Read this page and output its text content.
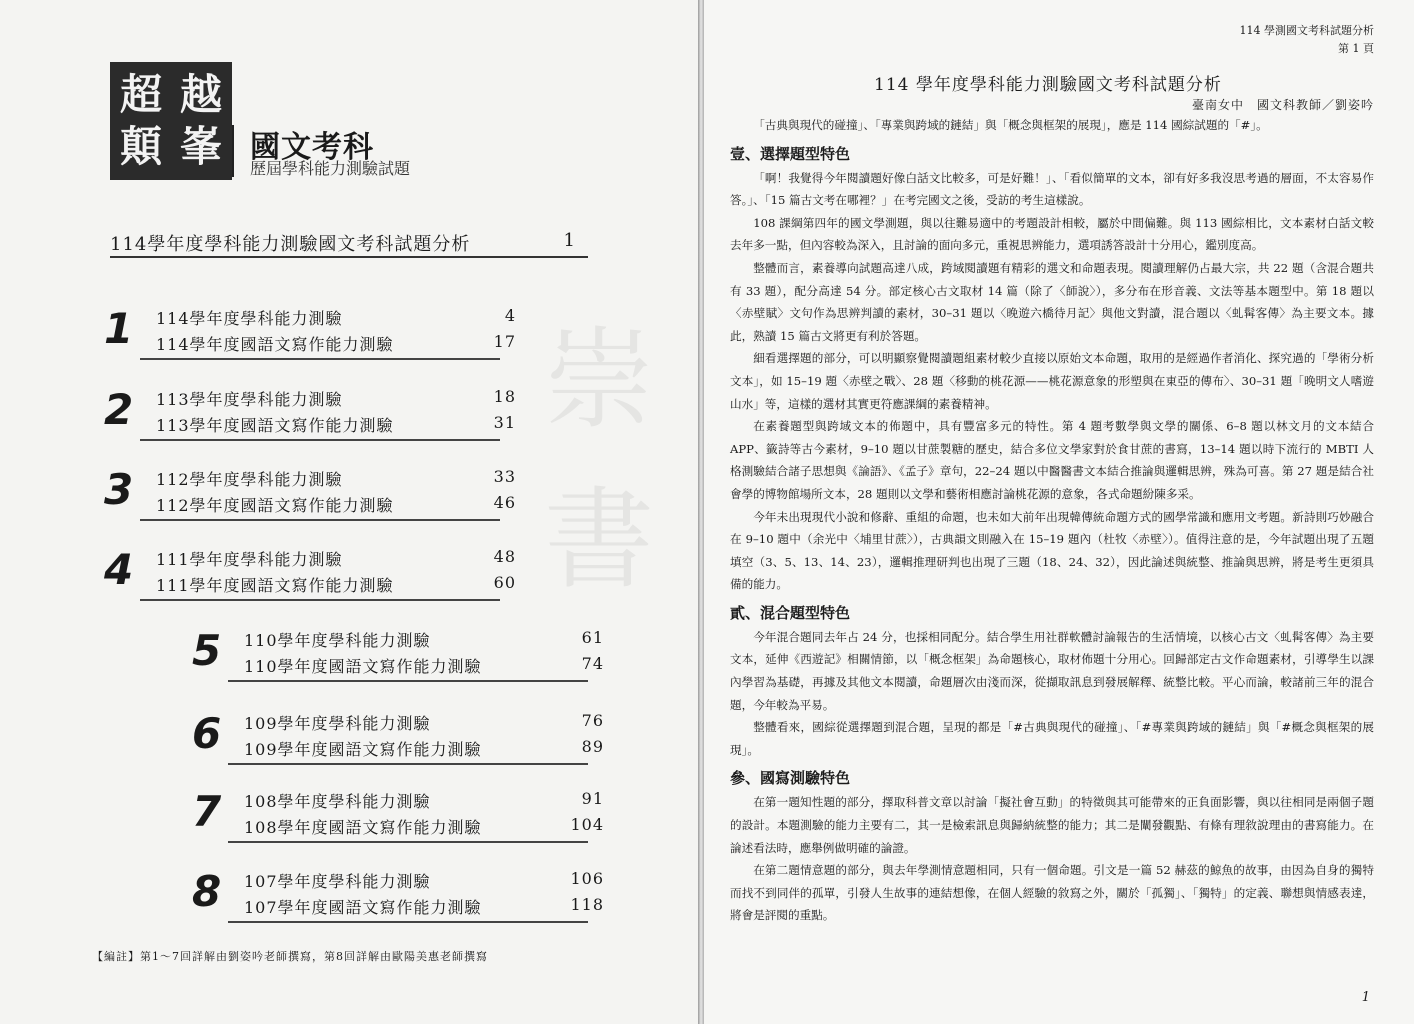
超 越
顛 峯 國文考科
歷屆學科能力測驗試題
114學年度學科能力測驗國文考科試題分析	1
1 114學年度學科能力測驗	4
114學年度國語文寫作能力測驗	17
2 113學年度學科能力測驗	18
113學年度國語文寫作能力測驗	31
3 112學年度學科能力測驗	33
112學年度國語文寫作能力測驗	46
4 111學年度學科能力測驗	48
111學年度國語文寫作能力測驗	60
5 110學年度學科能力測驗	61
110學年度國語文寫作能力測驗	74
6 109學年度學科能力測驗	76
109學年度國語文寫作能力測驗	89
7 108學年度學科能力測驗	91
108學年度國語文寫作能力測驗	104
8 107學年度學科能力測驗	106
107學年度國語文寫作能力測驗	118
【編註】第1～7回詳解由劉姿吟老師撰寫，第8回詳解由歐陽美惠老師撰寫
崇
書
114 學測國文考科試題分析
第 1 頁
114 學年度學科能力測驗國文考科試題分析
臺南女中　國文科教師／劉姿吟

「古典與現代的碰撞」、「專業與跨域的鏈結」與「概念與框架的展現」，應是 114 國綜試題的「#」。

壹、選擇題型特色

「啊！我覺得今年閱讀題好像白話文比較多，可是好難！」、「看似簡單的文本，卻有好多我沒思考過的層面，不太容易作答。」、「15 篇古文考在哪裡？」在考完國文之後，受訪的考生這樣說。

108 課綱第四年的國文學測題，與以往難易適中的考題設計相較，屬於中間偏難。與 113 國綜相比，文本素材白話文較去年多一點，但內容較為深入，且討論的面向多元，重視思辨能力，選項誘答設計十分用心，鑑別度高。

整體而言，素養導向試題高達八成，跨域閱讀題有精彩的選文和命題表現。閱讀理解仍占最大宗，共 22 題（含混合題共有 33 題），配分高達 54 分。部定核心古文取材 14 篇（除了〈師說〉），多分布在形音義、文法等基本題型中。第 18 題以〈赤壁賦〉文句作為思辨判讀的素材，30–31 題以〈晚遊六橋待月記〉與他文對讀，混合題以〈虬髯客傳〉為主要文本。據此，熟讀 15 篇古文將更有利於答題。

細看選擇題的部分，可以明顯察覺閱讀題組素材較少直接以原始文本命題，取用的是經過作者消化、探究過的「學術分析文本」，如 15–19 題〈赤壁之戰〉、28 題〈移動的桃花源——桃花源意象的形塑與在東亞的傳布〉、30–31 題「晚明文人嗜遊山水」等，這樣的選材其實更符應課綱的素養精神。

在素養題型與跨域文本的佈題中，具有豐富多元的特性。第 4 題考數學與文學的關係、6–8 題以林文月的文本結合 APP、籤詩等古今素材，9–10 題以甘蔗製糖的歷史，結合多位文學家對於食甘蔗的書寫，13–14 題以時下流行的 MBTI 人格測驗結合諸子思想與《論語》、《孟子》章句，22–24 題以中醫醫書文本結合推論與邏輯思辨，殊為可喜。第 27 題是結合社會學的博物館場所文本，28 題則以文學和藝術相應討論桃花源的意象，各式命題紛陳多采。

今年未出現現代小說和修辭、重組的命題，也未如大前年出現韓傳統命題方式的國學常識和應用文考題。新詩則巧妙融合在 9–10 題中（余光中〈埔里甘蔗〉），古典韻文則融入在 15–19 題內（杜牧〈赤壁〉）。值得注意的是，今年試題出現了五題填空（3、5、13、14、23），邏輯推理研判也出現了三題（18、24、32），因此論述與統整、推論與思辨，將是考生更須具備的能力。

貳、混合題型特色

今年混合題同去年占 24 分，也採相同配分。結合學生用社群軟體討論報告的生活情境，以核心古文〈虬髯客傳〉為主要文本，延伸《西遊記》相關情節，以「概念框架」為命題核心，取材佈題十分用心。回歸部定古文作命題素材，引導學生以課內學習為基礎，再據及其他文本閱讀，命題層次由淺而深，從擷取訊息到發展解釋、統整比較。平心而論，較諸前三年的混合題，今年較為平易。

整體看來，國綜從選擇題到混合題，呈現的都是「#古典與現代的碰撞」、「#專業與跨域的鏈結」與「#概念與框架的展現」。

參、國寫測驗特色

在第一題知性題的部分，擇取科普文章以討論「擬社會互動」的特徵與其可能帶來的正負面影響，與以往相同是兩個子題的設計。本題測驗的能力主要有二，其一是檢索訊息與歸納統整的能力；其二是闡發觀點、有條有理敘說理由的書寫能力。在論述看法時，應舉例做明確的論證。

在第二題情意題的部分，與去年學測情意題相同，只有一個命題。引文是一篇 52 赫茲的鯨魚的故事，由因為自身的獨特而找不到同伴的孤單，引發人生故事的連結想像，在個人經驗的敘寫之外，關於「孤獨」、「獨特」的定義、聯想與情感表達，將會是評閱的重點。

1
